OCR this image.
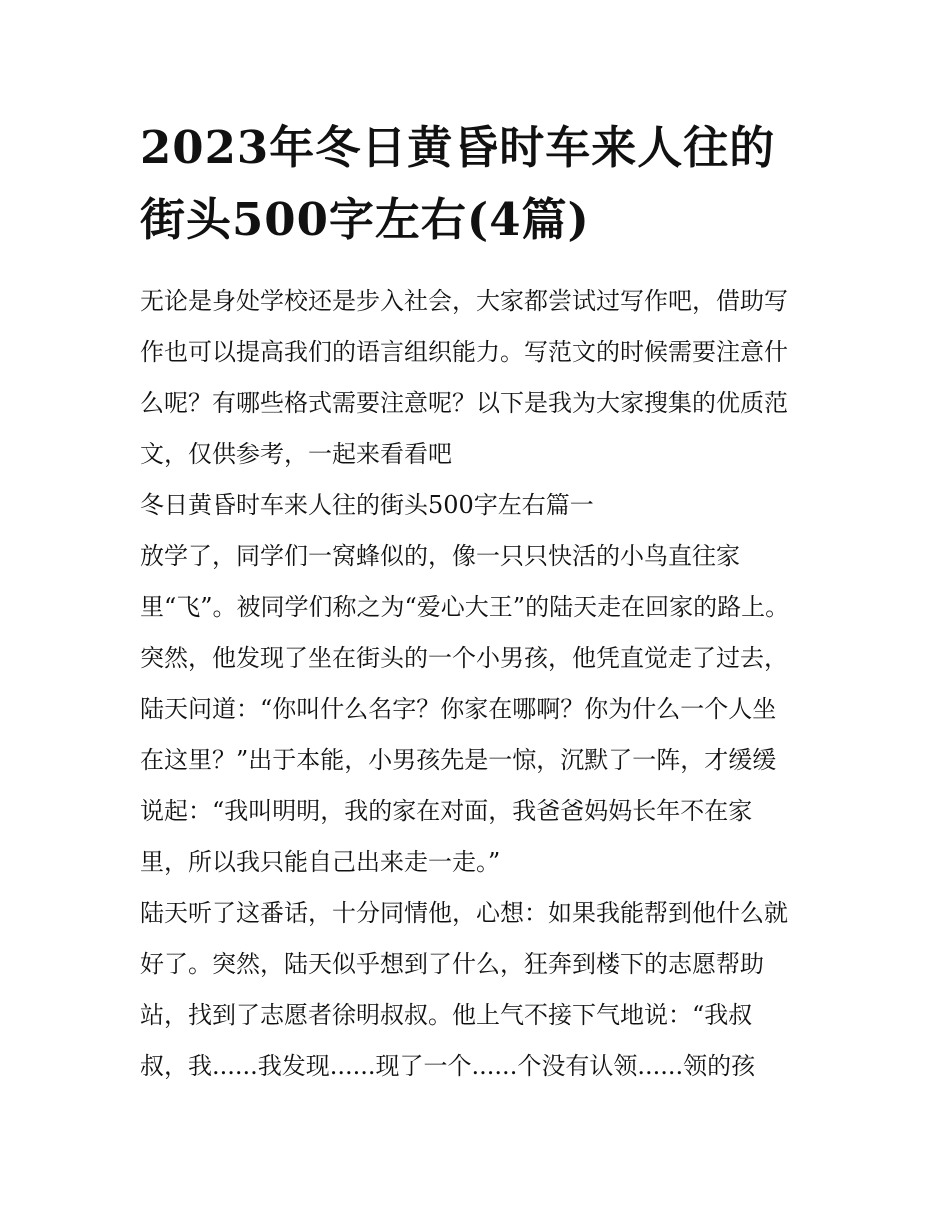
2023年冬日黄昏时车来人往的
街头500字左右(4篇)
无论是身处学校还是步入社会，大家都尝试过写作吧，借助写
作也可以提高我们的语言组织能力。写范文的时候需要注意什
么呢？有哪些格式需要注意呢？以下是我为大家搜集的优质范
文，仅供参考，一起来看看吧
冬日黄昏时车来人往的街头500字左右篇一
放学了，同学们一窝蜂似的，像一只只快活的小鸟直往家
里“飞”。被同学们称之为“爱心大王”的陆天走在回家的路上。
突然，他发现了坐在街头的一个小男孩，他凭直觉走了过去，
陆天问道：“你叫什么名字？你家在哪啊？你为什么一个人坐
在这里？”出于本能，小男孩先是一惊，沉默了一阵，才缓缓
说起：“我叫明明，我的家在对面，我爸爸妈妈长年不在家
里，所以我只能自己出来走一走。”
陆天听了这番话，十分同情他，心想：如果我能帮到他什么就
好了。突然，陆天似乎想到了什么，狂奔到楼下的志愿帮助
站，找到了志愿者徐明叔叔。他上气不接下气地说：“我叔
叔，我......我发现......现了一个......个没有认领......领的孩
